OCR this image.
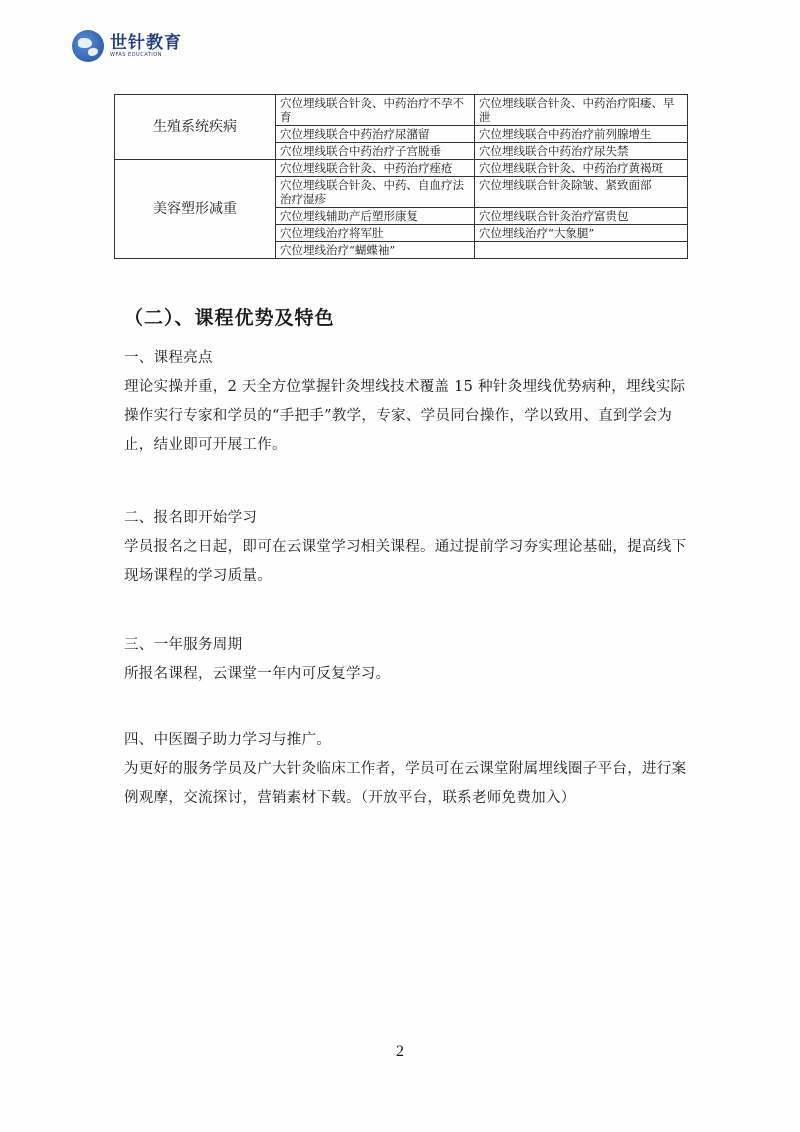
世针教育
WFAS EDUCATION
生殖系统疾病	穴位埋线联合针灸、中药治疗不孕不育	穴位埋线联合针灸、中药治疗阳痿、早泄
	穴位埋线联合中药治疗尿潴留	穴位埋线联合中药治疗前列腺增生
	穴位埋线联合中药治疗子宫脱垂	穴位埋线联合中药治疗尿失禁
美容塑形减重	穴位埋线联合针灸、中药治疗痤疮	穴位埋线联合针灸、中药治疗黄褐斑
	穴位埋线联合针灸、中药、自血疗法治疗湿疹	穴位埋线联合针灸除皱、紧致面部
	穴位埋线辅助产后塑形康复	穴位埋线联合针灸治疗富贵包
	穴位埋线治疗将军肚	穴位埋线治疗“大象腿”
	穴位埋线治疗“蝴蝶袖”	
（二）、课程优势及特色
一、课程亮点
理论实操并重，2 天全方位掌握针灸埋线技术覆盖 15 种针灸埋线优势病种，埋线实际操作实行专家和学员的“手把手”教学，专家、学员同台操作，学以致用、直到学会为止，结业即可开展工作。
二、报名即开始学习
学员报名之日起，即可在云课堂学习相关课程。通过提前学习夯实理论基础，提高线下现场课程的学习质量。
三、一年服务周期
所报名课程，云课堂一年内可反复学习。
四、中医圈子助力学习与推广。
为更好的服务学员及广大针灸临床工作者，学员可在云课堂附属埋线圈子平台，进行案例观摩，交流探讨，营销素材下载。（开放平台，联系老师免费加入）
2
